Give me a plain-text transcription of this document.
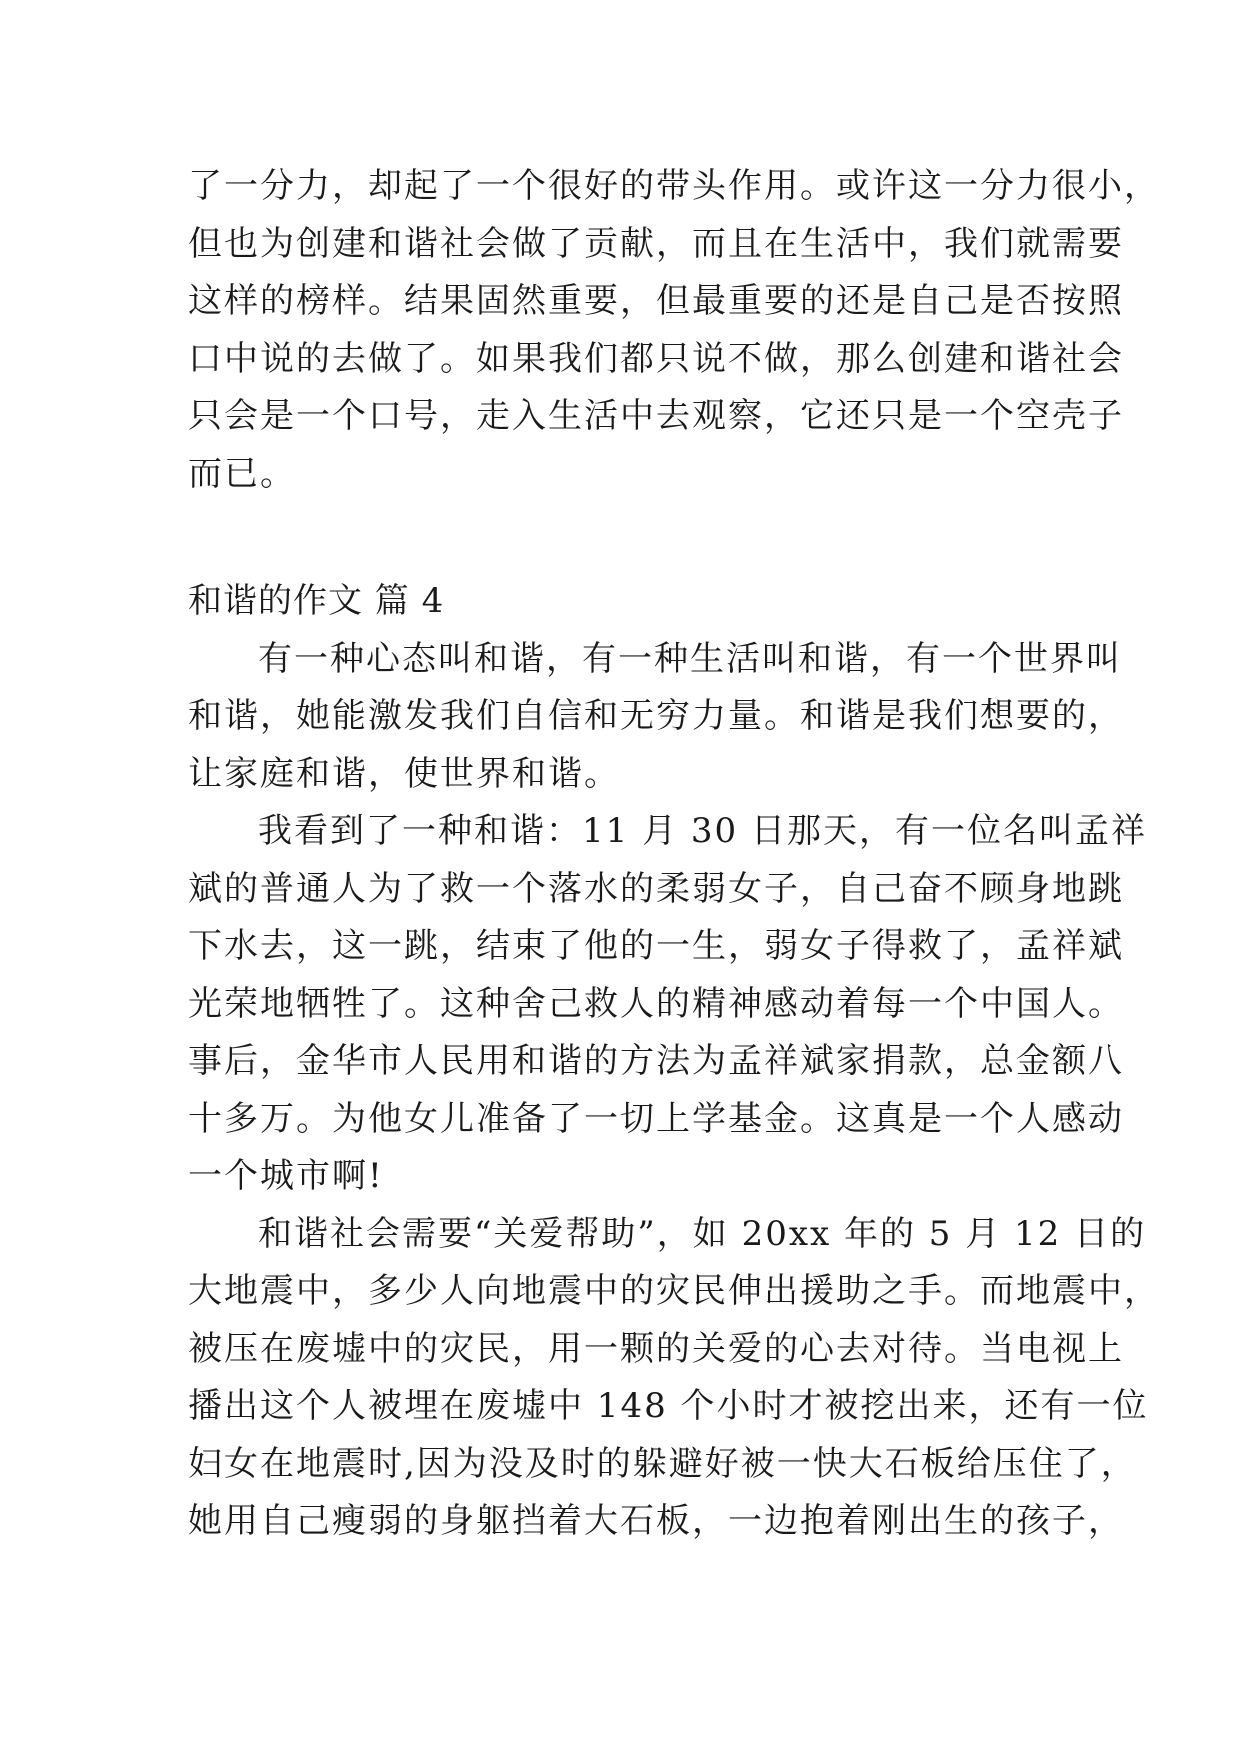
了一分力，却起了一个很好的带头作用。或许这一分力很小，
但也为创建和谐社会做了贡献，而且在生活中，我们就需要
这样的榜样。结果固然重要，但最重要的还是自己是否按照
口中说的去做了。如果我们都只说不做，那么创建和谐社会
只会是一个口号，走入生活中去观察，它还只是一个空壳子
而已。
和谐的作文 篇 4
有一种心态叫和谐，有一种生活叫和谐，有一个世界叫
和谐，她能激发我们自信和无穷力量。和谐是我们想要的，
让家庭和谐，使世界和谐。
我看到了一种和谐：11 月 30 日那天，有一位名叫孟祥
斌的普通人为了救一个落水的柔弱女子，自己奋不顾身地跳
下水去，这一跳，结束了他的一生，弱女子得救了，孟祥斌
光荣地牺牲了。这种舍己救人的精神感动着每一个中国人。
事后，金华市人民用和谐的方法为孟祥斌家捐款，总金额八
十多万。为他女儿准备了一切上学基金。这真是一个人感动
一个城市啊!
和谐社会需要“关爱帮助”，如 20xx 年的 5 月 12 日的
大地震中，多少人向地震中的灾民伸出援助之手。而地震中，
被压在废墟中的灾民，用一颗的关爱的心去对待。当电视上
播出这个人被埋在废墟中 148 个小时才被挖出来，还有一位
妇女在地震时,因为没及时的躲避好被一快大石板给压住了，
她用自己瘦弱的身躯挡着大石板，一边抱着刚出生的孩子，
